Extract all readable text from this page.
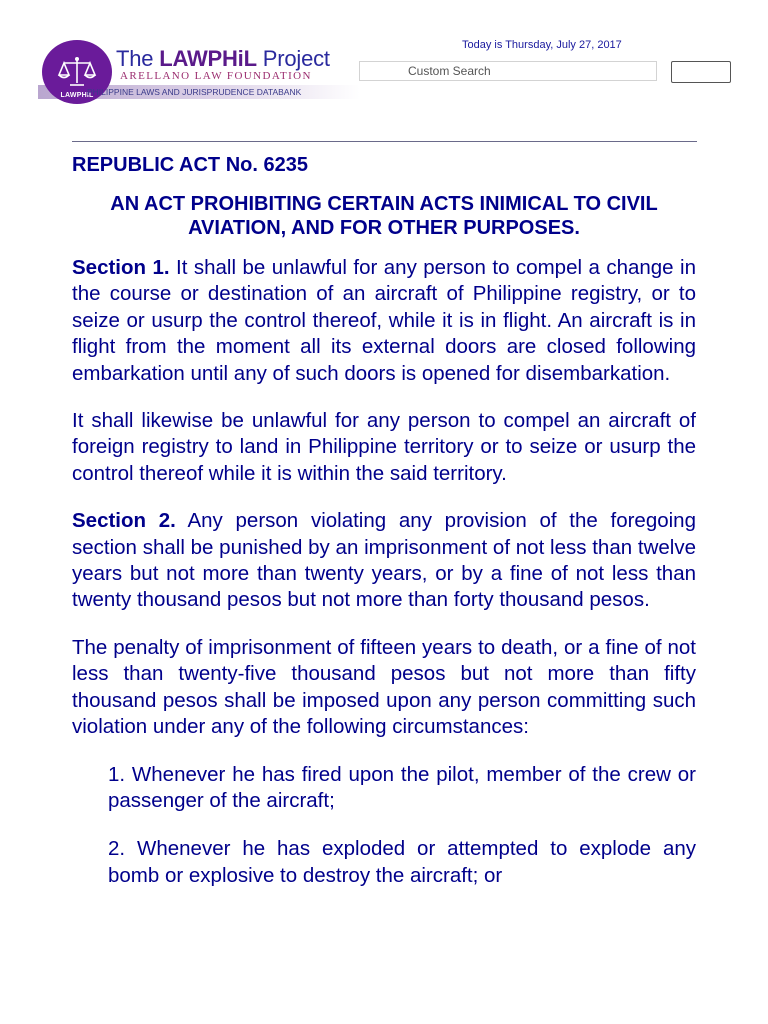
LAWPHIL
The LAWPHiL Project
ARELLANO LAW FOUNDATION
PHILIPPINE LAWS AND JURISPRUDENCE DATABANK
Today is Thursday, July 27, 2017
Custom Search
REPUBLIC ACT No. 6235
AN ACT PROHIBITING CERTAIN ACTS INIMICAL TO CIVIL AVIATION, AND FOR OTHER PURPOSES.

Section 1. It shall be unlawful for any person to compel a change in the course or destination of an aircraft of Philippine registry, or to seize or usurp the control thereof, while it is in flight. An aircraft is in flight from the moment all its external doors are closed following embarkation until any of such doors is opened for disembarkation.

It shall likewise be unlawful for any person to compel an aircraft of foreign registry to land in Philippine territory or to seize or usurp the control thereof while it is within the said territory.

Section 2. Any person violating any provision of the foregoing section shall be punished by an imprisonment of not less than twelve years but not more than twenty years, or by a fine of not less than twenty thousand pesos but not more than forty thousand pesos.

The penalty of imprisonment of fifteen years to death, or a fine of not less than twenty-five thousand pesos but not more than fifty thousand pesos shall be imposed upon any person committing such violation under any of the following circumstances:

1. Whenever he has fired upon the pilot, member of the crew or passenger of the aircraft;

2. Whenever he has exploded or attempted to explode any bomb or explosive to destroy the aircraft; or
